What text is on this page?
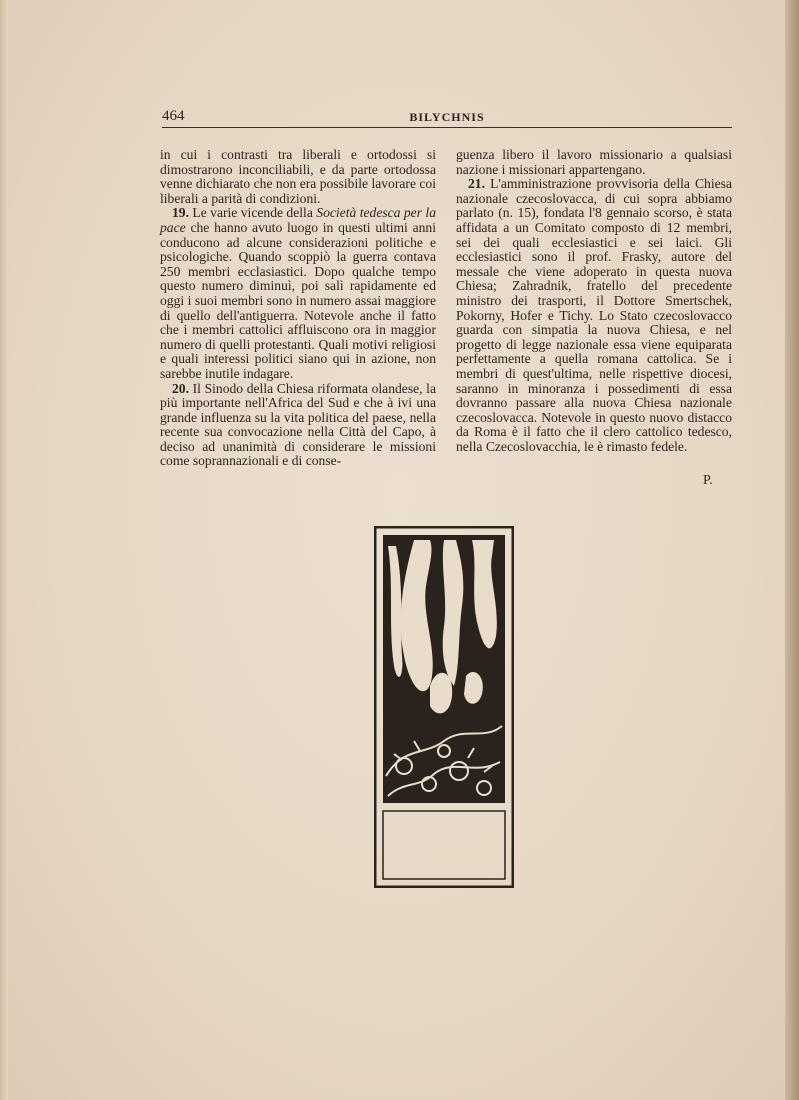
464	BILYCHNIS

in cui i contrasti tra liberali e ortodossi si dimostrarono inconciliabili, e da parte ortodossa venne dichiarato che non era possibile lavorare coi liberali a parità di condizioni.

19. Le varie vicende della Società tedesca per la pace che hanno avuto luogo in questi ultimi anni conducono ad alcune considerazioni politiche e psicologiche. Quando scoppiò la guerra contava 250 membri ecclasiastici. Dopo qualche tempo questo numero diminuì, poi salì rapidamente ed oggi i suoi membri sono in numero assai maggiore di quello dell'antiguerra. Notevole anche il fatto che i membri cattolici affluiscono ora in maggior numero di quelli protestanti. Quali motivi religiosi e quali interessi politici siano qui in azione, non sarebbe inutile indagare.

20. Il Sinodo della Chiesa riformata olandese, la più importante nell'Africa del Sud e che à ivi una grande influenza su la vita politica del paese, nella recente sua convocazione nella Città del Capo, à deciso ad unanimità di considerare le missioni come soprannazionali e di conse-

guenza libero il lavoro missionario a qualsiasi nazione i missionari appartengano.

21. L'amministrazione provvisoria della Chiesa nazionale czecoslovacca, di cui sopra abbiamo parlato (n. 15), fondata l'8 gennaio scorso, è stata affidata a un Comitato composto di 12 membri, sei dei quali ecclesiastici e sei laici. Gli ecclesiastici sono il prof. Frasky, autore del messale che viene adoperato in questa nuova Chiesa; Zahradnik, fratello del precedente ministro dei trasporti, il Dottore Smertschek, Pokorny, Hofer e Tichy. Lo Stato czecoslovacco guarda con simpatia la nuova Chiesa, e nel progetto di legge nazionale essa viene equiparata perfettamente a quella romana cattolica. Se i membri di quest'ultima, nelle rispettive diocesi, saranno in minoranza i possedimenti di essa dovranno passare alla nuova Chiesa nazionale czecoslovacca. Notevole in questo nuovo distacco da Roma è il fatto che il clero cattolico tedesco, nella Czecoslovacchia, le è rimasto fedele.

P.
